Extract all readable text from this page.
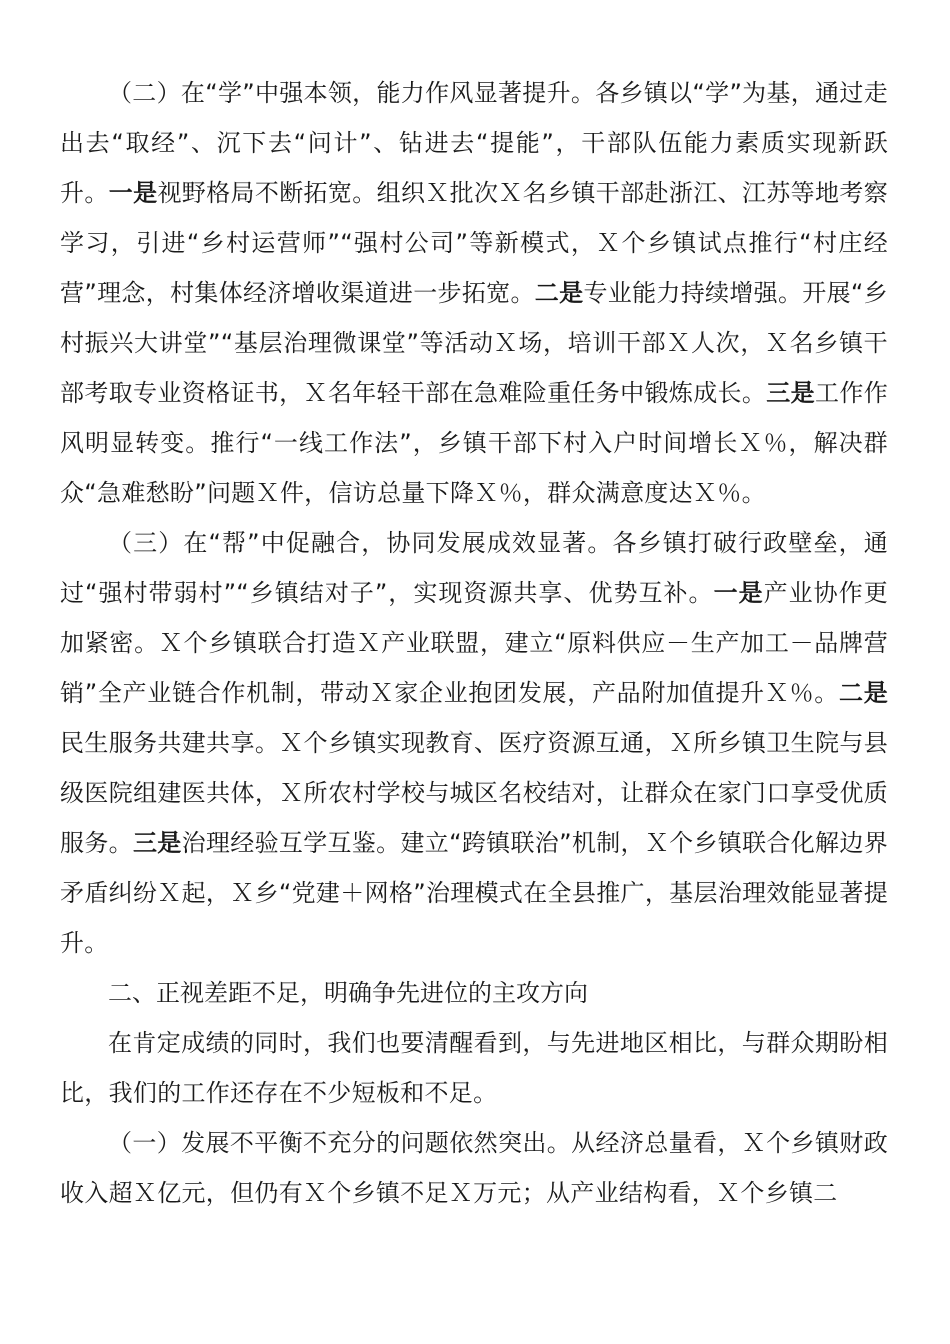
（二）在“学”中强本领，能力作风显著提升。各乡镇以“学”为基，通过走出去“取经”、沉下去“问计”、钻进去“提能”，干部队伍能力素质实现新跃升。一是视野格局不断拓宽。组织Ｘ批次Ｘ名乡镇干部赴浙江、江苏等地考察学习，引进“乡村运营师”“强村公司”等新模式，Ｘ个乡镇试点推行“村庄经营”理念，村集体经济增收渠道进一步拓宽。二是专业能力持续增强。开展“乡村振兴大讲堂”“基层治理微课堂”等活动Ｘ场，培训干部Ｘ人次，Ｘ名乡镇干部考取专业资格证书，Ｘ名年轻干部在急难险重任务中锻炼成长。三是工作作风明显转变。推行“一线工作法”，乡镇干部下村入户时间增长Ｘ％，解决群众“急难愁盼”问题Ｘ件，信访总量下降Ｘ％，群众满意度达Ｘ％。

（三）在“帮”中促融合，协同发展成效显著。各乡镇打破行政壁垒，通过“强村带弱村”“乡镇结对子”，实现资源共享、优势互补。一是产业协作更加紧密。Ｘ个乡镇联合打造Ｘ产业联盟，建立“原料供应－生产加工－品牌营销”全产业链合作机制，带动Ｘ家企业抱团发展，产品附加值提升Ｘ％。二是民生服务共建共享。Ｘ个乡镇实现教育、医疗资源互通，Ｘ所乡镇卫生院与县级医院组建医共体，Ｘ所农村学校与城区名校结对，让群众在家门口享受优质服务。三是治理经验互学互鉴。建立“跨镇联治”机制，Ｘ个乡镇联合化解边界矛盾纠纷Ｘ起，Ｘ乡“党建＋网格”治理模式在全县推广，基层治理效能显著提升。

二、正视差距不足，明确争先进位的主攻方向

在肯定成绩的同时，我们也要清醒看到，与先进地区相比，与群众期盼相比，我们的工作还存在不少短板和不足。

（一）发展不平衡不充分的问题依然突出。从经济总量看，Ｘ个乡镇财政收入超Ｘ亿元，但仍有Ｘ个乡镇不足Ｘ万元；从产业结构看，Ｘ个乡镇二
